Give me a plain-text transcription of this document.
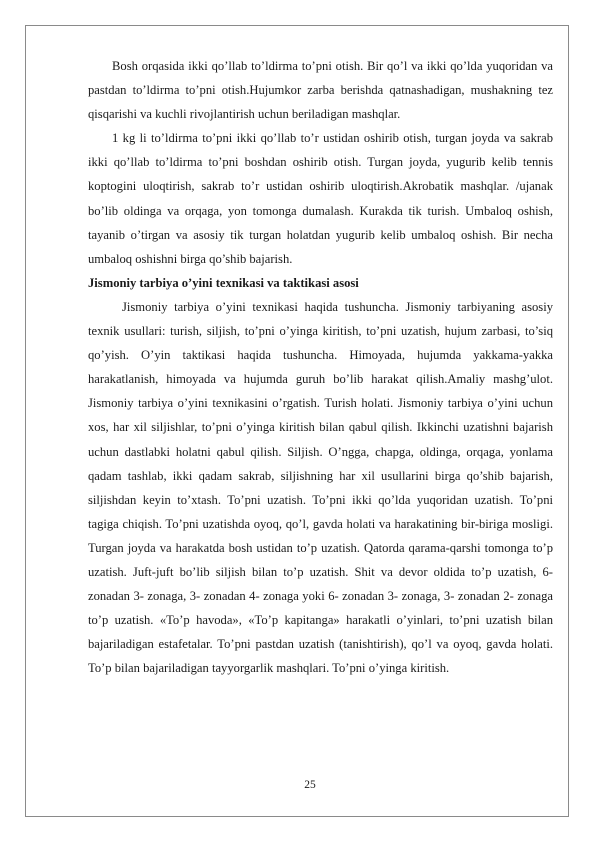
Bosh orqasida ikki qo’llab to’ldirma to’pni otish. Bir qo’l va ikki qo’lda yuqoridan va pastdan to’ldirma to’pni otish.Hujumkor zarba berishda qatnashadigan, mushakning tez qisqarishi va kuchli rivojlantirish uchun beriladigan mashqlar.

1 kg li to’ldirma to’pni ikki qo’llab to’r ustidan oshirib otish, turgan joyda va sakrab ikki qo’llab to’ldirma to’pni boshdan oshirib otish. Turgan joyda, yugurib kelib tennis koptogini uloqtirish, sakrab to’r ustidan oshirib uloqtirish.Akrobatik mashqlar. /ujanak bo’lib oldinga va orqaga, yon tomonga dumalash. Kurakda tik turish. Umbaloq oshish, tayanib o’tirgan va asosiy tik turgan holatdan yugurib kelib umbaloq oshish. Bir necha umbaloq oshishni birga qo’shib bajarish.

Jismoniy tarbiya o’yini texnikasi va taktikasi asosi

Jismoniy tarbiya o’yini texnikasi haqida tushuncha. Jismoniy tarbiyaning asosiy texnik usullari: turish, siljish, to’pni o’yinga kiritish, to’pni uzatish, hujum zarbasi, to’siq qo’yish. O’yin taktikasi haqida tushuncha. Himoyada, hujumda yakkama-yakka harakatlanish, himoyada va hujumda guruh bo’lib harakat qilish.Amaliy mashg’ulot. Jismoniy tarbiya o’yini texnikasini o’rgatish. Turish holati. Jismoniy tarbiya o’yini uchun xos, har xil siljishlar, to’pni o’yinga kiritish bilan qabul qilish. Ikkinchi uzatishni bajarish uchun dastlabki holatni qabul qilish. Siljish. O’ngga, chapga, oldinga, orqaga, yonlama qadam tashlab, ikki qadam sakrab, siljishning har xil usullarini birga qo’shib bajarish, siljishdan keyin to’xtash. To’pni uzatish. To’pni ikki qo’lda yuqoridan uzatish. To’pni tagiga chiqish. To’pni uzatishda oyoq, qo’l, gavda holati va harakatining bir-biriga mosligi. Turgan joyda va harakatda bosh ustidan to’p uzatish. Qatorda qarama-qarshi tomonga to’p uzatish. Juft-juft bo’lib siljish bilan to’p uzatish. Shit va devor oldida to’p uzatish, 6- zonadan 3- zonaga, 3- zonadan 4- zonaga yoki 6- zonadan 3- zonaga, 3- zonadan 2- zonaga to’p uzatish. «To’p havoda», «To’p kapitanga» harakatli o’yinlari, to’pni uzatish bilan bajariladigan estafetalar. To’pni pastdan uzatish (tanishtirish), qo’l va oyoq, gavda holati. To’p bilan bajariladigan tayyorgarlik mashqlari. To’pni o’yinga kiritish.

25
